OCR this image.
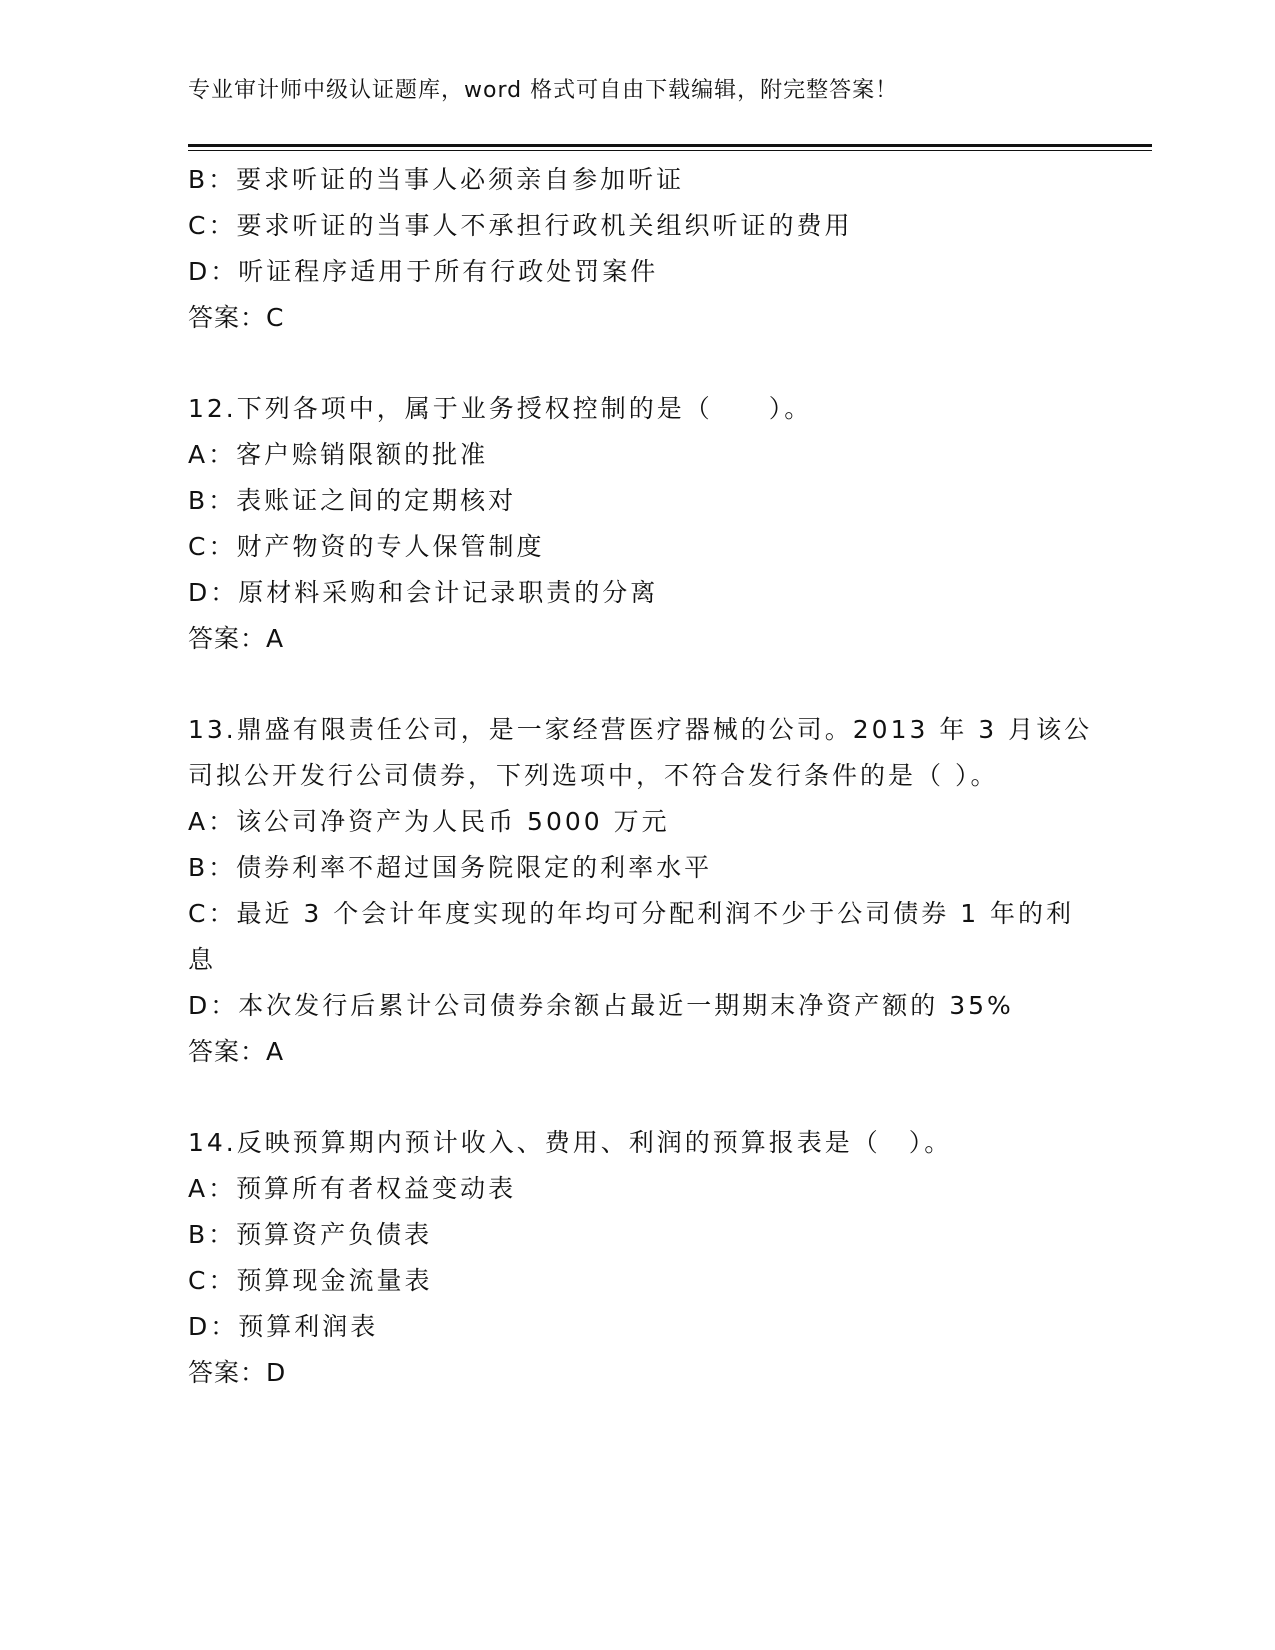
专业审计师中级认证题库，word 格式可自由下载编辑，附完整答案！
B：要求听证的当事人必须亲自参加听证
C：要求听证的当事人不承担行政机关组织听证的费用
D：听证程序适用于所有行政处罚案件
答案：C
12.下列各项中，属于业务授权控制的是（　　）。
A：客户赊销限额的批准
B：表账证之间的定期核对
C：财产物资的专人保管制度
D：原材料采购和会计记录职责的分离
答案：A
13.鼎盛有限责任公司，是一家经营医疗器械的公司。2013 年 3 月该公
司拟公开发行公司债券，下列选项中，不符合发行条件的是（ ）。
A：该公司净资产为人民币 5000 万元
B：债券利率不超过国务院限定的利率水平
C：最近 3 个会计年度实现的年均可分配利润不少于公司债券 1 年的利
息
D：本次发行后累计公司债券余额占最近一期期末净资产额的 35%
答案：A
14.反映预算期内预计收入、费用、利润的预算报表是（　）。
A：预算所有者权益变动表
B：预算资产负债表
C：预算现金流量表
D：预算利润表
答案：D
